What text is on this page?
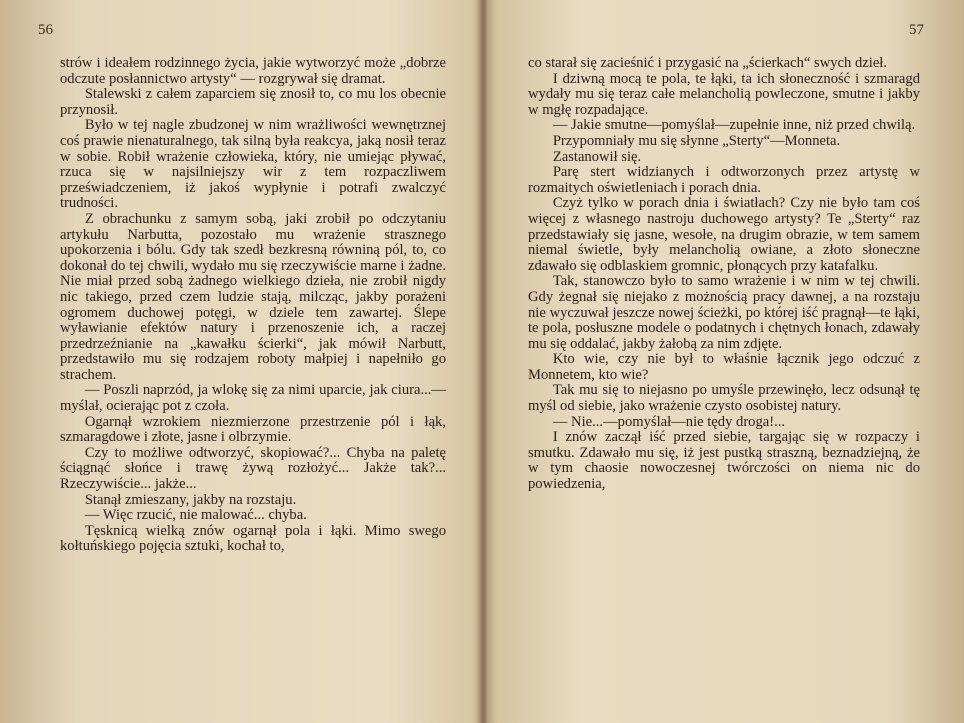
56

strów i ideałem rodzinnego życia, jakie wytworzyć może „dobrze odczute posłannictwo artysty“ — rozgrywał się dramat.

Stalewski z całem zaparciem się znosił to, co mu los obecnie przynosił.

Było w tej nagle zbudzonej w nim wrażliwości wewnętrznej coś prawie nienaturalnego, tak silną była reakcya, jaką nosił teraz w sobie. Robił wrażenie człowieka, który, nie umiejąc pływać, rzuca się w najsilniejszy wir z tem rozpaczliwem przeświadczeniem, iż jakoś wypłynie i potrafi zwalczyć trudności.

Z obrachunku z samym sobą, jaki zrobił po odczytaniu artykułu Narbutta, pozostało mu wrażenie strasznego upokorzenia i bólu. Gdy tak szedł bezkresną równiną pól, to, co dokonał do tej chwili, wydało mu się rzeczywiście marne i żadne. Nie miał przed sobą żadnego wielkiego dzieła, nie zrobił nigdy nic takiego, przed czem ludzie stają, milcząc, jakby porażeni ogromem duchowej potęgi, w dziele tem zawartej. Ślepe wyławianie efektów natury i przenoszenie ich, a raczej przedrzeźnianie na „kawałku ścierki“, jak mówił Narbutt, przedstawiło mu się rodzajem roboty małpiej i napełniło go strachem.

— Poszli naprzód, ja wlokę się za nimi uparcie, jak ciura...—myślał, ocierając pot z czoła.

Ogarnął wzrokiem niezmierzone przestrzenie pól i łąk, szmaragdowe i złote, jasne i olbrzymie.

Czy to możliwe odtworzyć, skopiować?... Chyba na paletę ściągnąć słońce i trawę żywą rozłożyć... Jakże tak?... Rzeczywiście... jakże...

Stanął zmieszany, jakby na rozstaju.

— Więc rzucić, nie malować... chyba.

Tęsknicą wielką znów ogarnął pola i łąki. Mimo swego kołtuńskiego pojęcia sztuki, kochał to,

57

co starał się zacieśnić i przygasić na „ścierkach“ swych dzieł.

I dziwną mocą te pola, te łąki, ta ich słoneczność i szmaragd wydały mu się teraz całe melancholią powleczone, smutne i jakby w mgłę rozpadające.

— Jakie smutne—pomyślał—zupełnie inne, niż przed chwilą.

Przypomniały mu się słynne „Sterty“—Monneta.

Zastanowił się.

Parę stert widzianych i odtworzonych przez artystę w rozmaitych oświetleniach i porach dnia.

Czyż tylko w porach dnia i światłach? Czy nie było tam coś więcej z własnego nastroju duchowego artysty? Te „Sterty“ raz przedstawiały się jasne, wesołe, na drugim obrazie, w tem samem niemal świetle, były melancholią owiane, a złoto słoneczne zdawało się odblaskiem gromnic, płonących przy katafalku.

Tak, stanowczo było to samo wrażenie i w nim w tej chwili. Gdy żegnał się niejako z możnością pracy dawnej, a na rozstaju nie wyczuwał jeszcze nowej ścieżki, po której iść pragnął—te łąki, te pola, posłuszne modele o podatnych i chętnych łonach, zdawały mu się oddalać, jakby żałobą za nim zdjęte.

Kto wie, czy nie był to właśnie łącznik jego odczuć z Monnetem, kto wie?

Tak mu się to niejasno po umyśle przewinęło, lecz odsunął tę myśl od siebie, jako wrażenie czysto osobistej natury.

— Nie...—pomyślał—nie tędy droga!...

I znów zaczął iść przed siebie, targając się w rozpaczy i smutku. Zdawało mu się, iż jest pustką straszną, beznadziejną, że w tym chaosie nowoczesnej twórczości on niema nic do powiedzenia,
